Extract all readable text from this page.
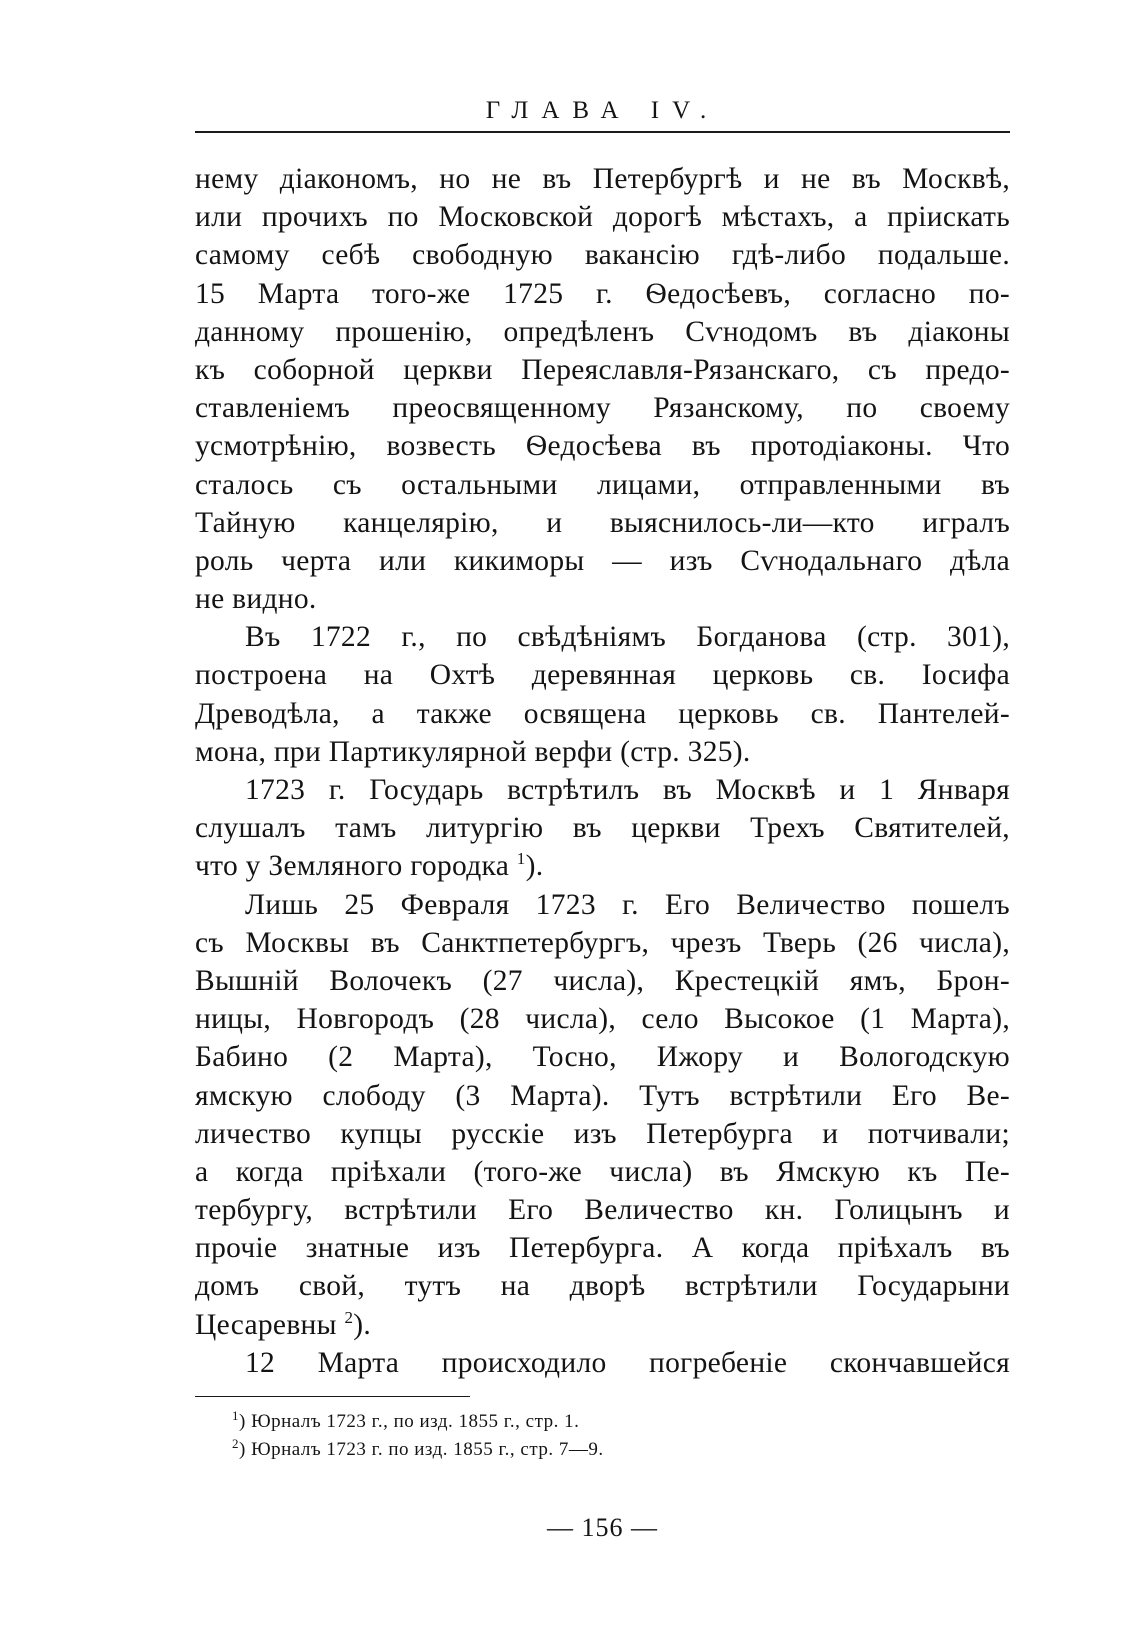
ГЛАВА IV.
нему діакономъ, но не въ Петербургѣ и не въ Москвѣ,
или прочихъ по Московской дорогѣ мѣстахъ, а пріискать
самому себѣ свободную вакансію гдѣ-либо подальше.
15 Марта того-же 1725 г. Ѳедосѣевъ, согласно по-
данному прошенію, опредѣленъ Сѵнодомъ въ діаконы
къ соборной церкви Переяславля-Рязанскаго, съ предо-
ставленіемъ преосвященному Рязанскому, по своему
усмотрѣнію, возвесть Ѳедосѣева въ протодіаконы. Что
сталось съ остальными лицами, отправленными въ
Тайную канцелярію, и выяснилось-ли—кто игралъ
роль черта или кикиморы — изъ Сѵнодальнаго дѣла
не видно.
Въ 1722 г., по свѣдѣніямъ Богданова (стр. 301),
построена на Охтѣ деревянная церковь св. Іосифа
Древодѣла, а также освящена церковь св. Пантелей-
мона, при Партикулярной верфи (стр. 325).
1723 г. Государь встрѣтилъ въ Москвѣ и 1 Января
слушалъ тамъ литургію въ церкви Трехъ Святителей,
что у Земляного городка $^1$).
Лишь 25 Февраля 1723 г. Его Величество пошелъ
съ Москвы въ Санктпетербургъ, чрезъ Тверь (26 числа),
Вышній Волочекъ (27 числа), Крестецкій ямъ, Брон-
ницы, Новгородъ (28 числа), село Высокое (1 Марта),
Бабино (2 Марта), Тосно, Ижору и Вологодскую
ямскую слободу (3 Марта). Тутъ встрѣтили Его Ве-
личество купцы русскіе изъ Петербурга и потчивали;
а когда пріѣхали (того-же числа) въ Ямскую къ Пе-
тербургу, встрѣтили Его Величество кн. Голицынъ и
прочіе знатные изъ Петербурга. А когда пріѣхалъ въ
домъ свой, тутъ на дворѣ встрѣтили Государыни
Цесаревны $^2$).
12 Марта происходило погребеніе скончавшейся
$^1$) Юрналъ 1723 г., по изд. 1855 г., стр. 1.
$^2$) Юрналъ 1723 г. по изд. 1855 г., стр. 7—9.
— 156 —
